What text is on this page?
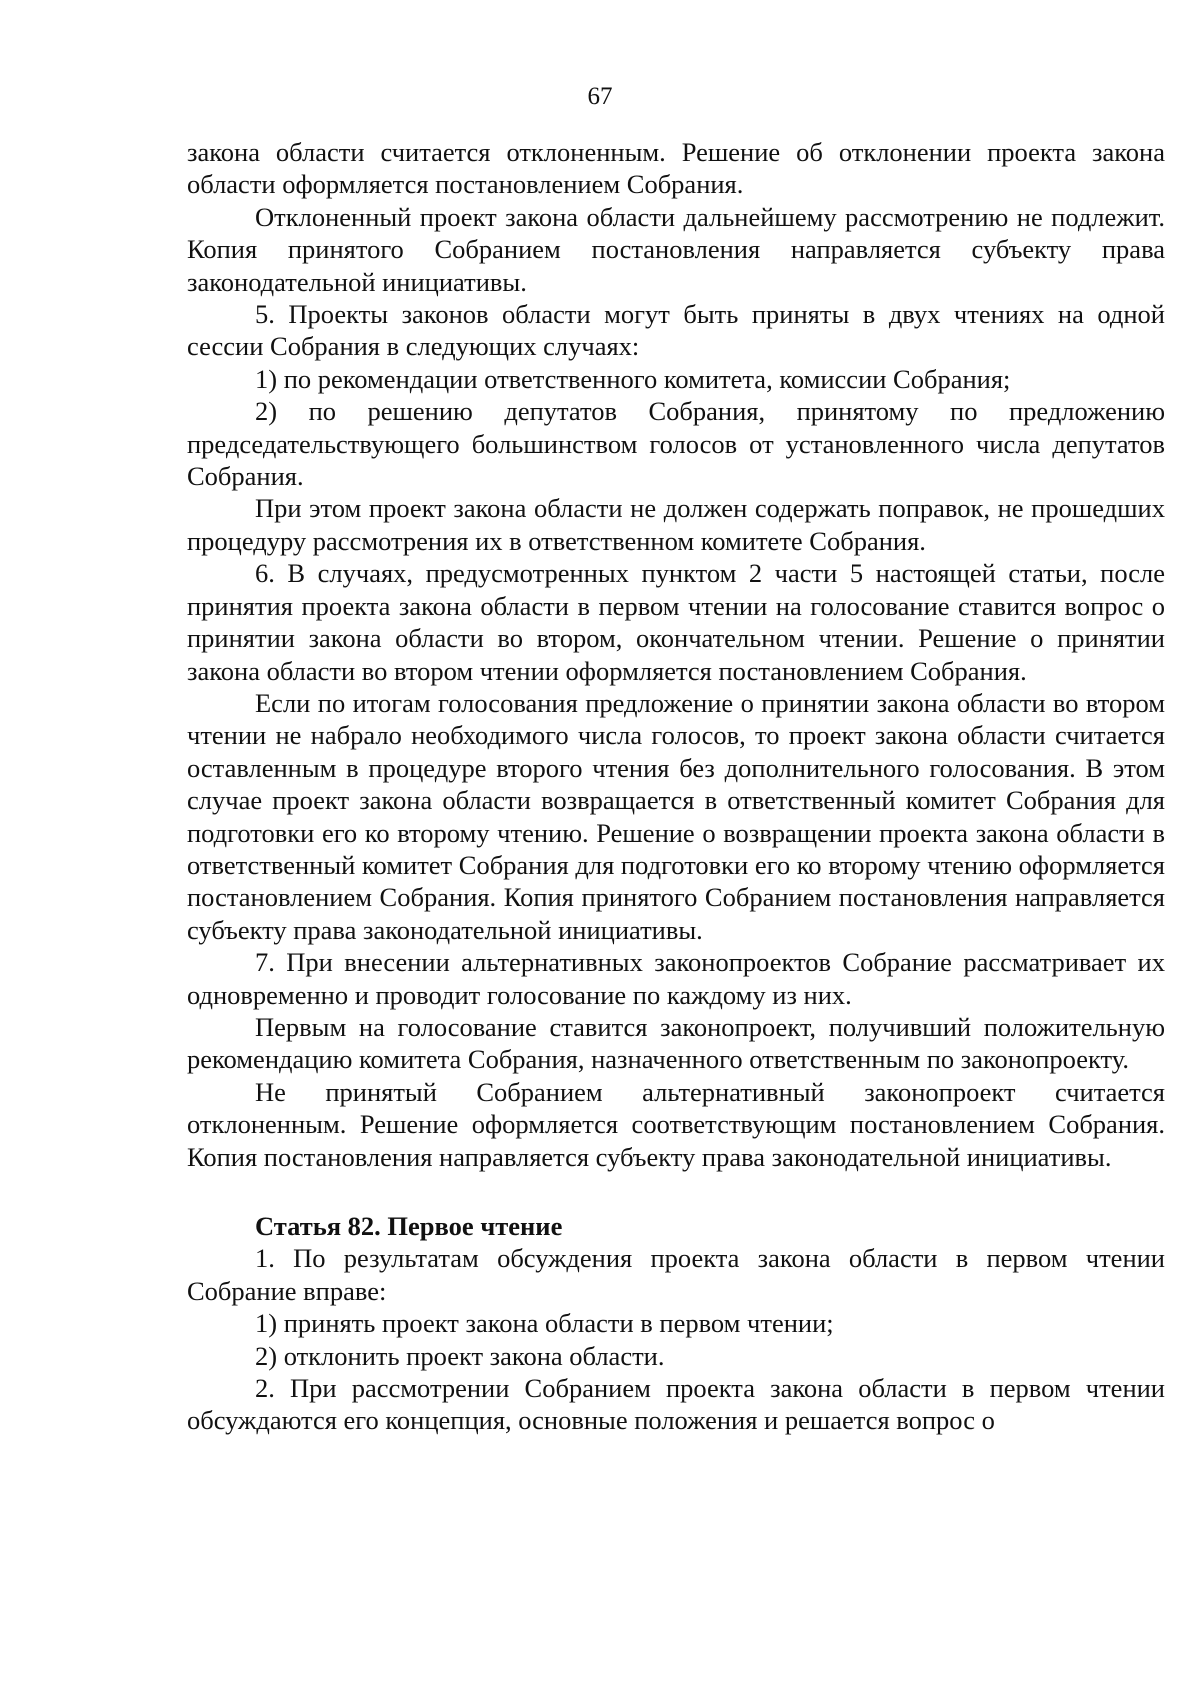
67

закона области считается отклоненным. Решение об отклонении проекта закона области оформляется постановлением Собрания.

Отклоненный проект закона области дальнейшему рассмотрению не подлежит. Копия принятого Собранием постановления направляется субъекту права законодательной инициативы.

5. Проекты законов области могут быть приняты в двух чтениях на одной сессии Собрания в следующих случаях:

1) по рекомендации ответственного комитета, комиссии Собрания;

2) по решению депутатов Собрания, принятому по предложению председательствующего большинством голосов от установленного числа депутатов Собрания.

При этом проект закона области не должен содержать поправок, не прошедших процедуру рассмотрения их в ответственном комитете Собрания.

6. В случаях, предусмотренных пунктом 2 части 5 настоящей статьи, после принятия проекта закона области в первом чтении на голосование ставится вопрос о принятии закона области во втором, окончательном чтении. Решение о принятии закона области во втором чтении оформляется постановлением Собрания.

Если по итогам голосования предложение о принятии закона области во втором чтении не набрало необходимого числа голосов, то проект закона области считается оставленным в процедуре второго чтения без дополнительного голосования. В этом случае проект закона области возвращается в ответственный комитет Собрания для подготовки его ко второму чтению. Решение о возвращении проекта закона области в ответственный комитет Собрания для подготовки его ко второму чтению оформляется постановлением Собрания. Копия принятого Собранием постановления направляется субъекту права законодательной инициативы.

7. При внесении альтернативных законопроектов Собрание рассматривает их одновременно и проводит голосование по каждому из них.

Первым на голосование ставится законопроект, получивший положительную рекомендацию комитета Собрания, назначенного ответственным по законопроекту.

Не принятый Собранием альтернативный законопроект считается отклоненным. Решение оформляется соответствующим постановлением Собрания. Копия постановления направляется субъекту права законодательной инициативы.

Статья 82. Первое чтение

1. По результатам обсуждения проекта закона области в первом чтении Собрание вправе:

1) принять проект закона области в первом чтении;

2) отклонить проект закона области.

2. При рассмотрении Собранием проекта закона области в первом чтении обсуждаются его концепция, основные положения и решается вопрос о
